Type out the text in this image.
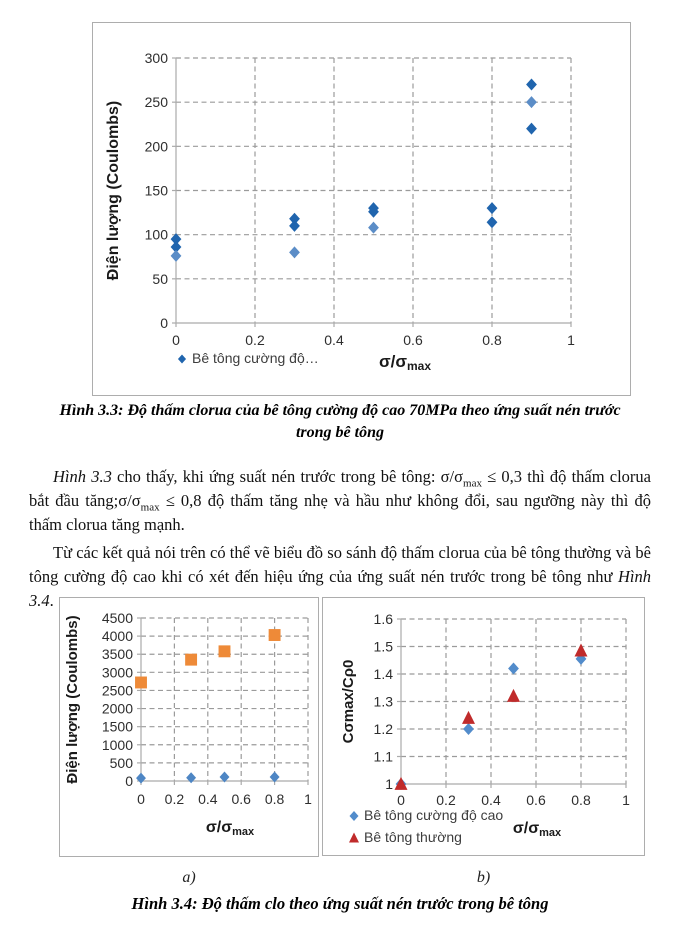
0
50
100
150
200
250
300
0	0.2	0.4	0.6	0.8	1
Điện lượng (Coulombs)
σ/σmax
Bê tông cường độ…
Hình 3.3: Độ thấm clorua của bê tông cường độ cao 70MPa theo ứng suất nén trước trong bê tông

Hình 3.3 cho thấy, khi ứng suất nén trước trong bê tông: $\sigma/\sigma_{max} \le 0,3$ thì độ thấm clorua bắt đầu $tăng;\sigma/\sigma_{max} \le 0,8$ độ thấm tăng nhẹ và hầu như không đổi, sau ngưỡng này thì độ thấm clorua tăng mạnh.

Từ các kết quả nói trên có thể vẽ biểu đồ so sánh độ thấm clorua của bê tông thường và bê tông cường độ cao khi có xét đến hiệu ứng của ứng suất nén trước trong bê tông như Hình 3.4.

0
500
1000
1500
2000
2500
3000
3500
4000
4500
0 0.2 0.4 0.6 0.8 1
Điện lượng (Coulombs)
σ/σmax
1
1.1
1.2
1.3
1.4
1.5
1.6
0 0.2 0.4 0.6 0.8 1
Cσmax/Cρ0
σ/σmax
Bê tông cường độ cao
Bê tông thường
a)	b)
Hình 3.4: Độ thấm clo theo ứng suất nén trước trong bê tông
